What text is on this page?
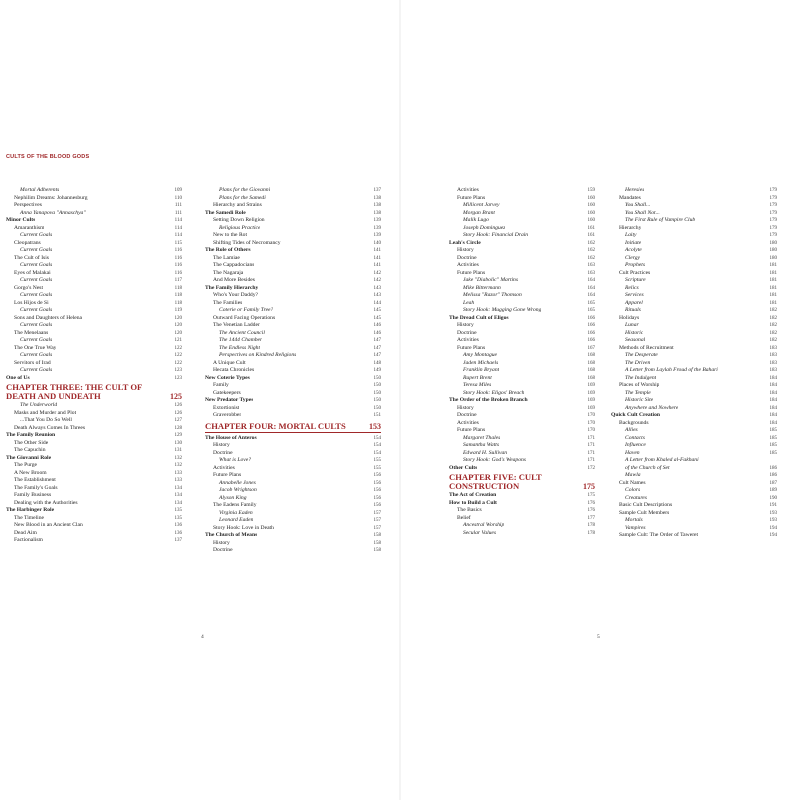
CULTS OF THE BLOOD GODS
Mortal Adherents	109
Nephilim Dreams: Johannesburg	110
Perspectives	111
Anna Yanapova "Annaschya"	111
Minor Cults	114
Amaranthism	114
Current Goals	114
Cleopatrans	115
Current Goals	116
The Cult of Isis	116
Current Goals	116
Eyes of Malakai	116
Current Goals	117
Gorgo's Nest	118
Current Goals	118
Los Hijos de Si	118
Current Goals	119
Sons and Daughters of Helena	120
Current Goals	120
The Menelaans	120
Current Goals	121
The One True Way	122
Current Goals	122
Servitors of Irad	122
Current Goals	123
One of Us	123
CHAPTER THREE: THE CULT OF DEATH AND UNDEATH	125
The Underworld	126
Masks and Murder and Plot	126
...That You Do So Well	127
Death Always Comes In Threes	128
The Family Reunion	129
The Other Side	130
The Capuchin	131
The Giovanni Role	132
The Purge	132
A New Broom	133
The Establishment	133
The Family's Goals	134
Family Business	134
Dealing with the Authorities	134
The Harbinger Role	135
The Timeline	135
New Blood in an Ancient Clan	136
Dead Aim	136
Factionalism	137
Plans for the Giovanni	137
Plans for the Samedi	138
Hierarchy and Strains	138
The Samedi Role	138
Setting Down Religion	139
Religious Practice	139
New to the Rot	139
Shifting Tides of Necromancy	140
The Role of Others	141
The Lamiae	141
The Cappadocians	141
The Nagaraja	142
And More Besides	142
The Family Hierarchy	143
Who's Your Daddy?	143
The Families	144
Coterie or Family Tree?	145
Outward Facing Operations	145
The Venetian Ladder	146
The Ancient Council	146
The 1444 Chamber	147
The Endless Night	147
Perspectives on Kindred Religions	147
A Unique Cult	148
Hecata Chronicles	149
New Coterie Types	150
Family	150
Gatekeepers	150
New Predator Types	150
Extortionist	150
Graverobber	151
CHAPTER FOUR: MORTAL CULTS	153
The House of Anteros	154
History	154
Doctrine	154
What is Love?	155
Activities	155
Future Plans	156
Annabelle Jones	156
Jacob Wrightson	156
Alyson King	156
The Eadens Family	156
Virginia Eaden	157
Leonard Eaden	157
Story Hook: Love in Death	157
The Church of Means	158
History	158
Doctrine	158
Activities	159
Future Plans	160
Millicent Jarvey	160
Morgan Brant	160
Malik Lugo	160
Joseph Dominguez	161
Story Hook: Financial Drain	161
Leah's Circle	162
History	162
Doctrine	162
Activities	163
Future Plans	163
Jake "Diabolic" Martins	164
Mike Bittermann	164
Melissa "Razor" Thomson	164
Leah	165
Story Hook: Mugging Gone Wrong	165
The Dread Cult of Eligos	166
History	166
Doctrine	166
Activities	166
Future Plans	167
Amy Montague	168
Jaden Michaels	168
Franklin Bryant	168
Rupert Brent	168
Teresa Miles	169
Story Hook: Eligos' Breach	169
The Order of the Broken Branch	169
History	169
Doctrine	170
Activities	170
Future Plans	170
Margaret Thales	171
Samantha Watts	171
Edward H. Sullivan	171
Story Hook: God's Weapons	171
Other Cults	172
CHAPTER FIVE: CULT CONSTRUCTION	175
The Act of Creation	175
How to Build a Cult	176
The Basics	176
Belief	177
Ancestral Worship	178
Secular Values	178
Heresies	179
Mandates	179
You Shall...	179
You Shall Not...	179
The First Rule of Vampire Club	179
Hierarchy	179
Laity	179
Initiate	180
Acolyte	180
Clergy	180
Prophets	181
Cult Practices	181
Scripture	181
Relics	181
Services	181
Apparel	181
Rituals	182
Holidays	182
Lunar	182
Historic	182
Seasonal	182
Methods of Recruitment	183
The Desperate	183
The Driven	183
A Letter from Laylah Froud of the Bahari	183
The Indulgent	184
Places of Worship	184
The Temple	184
Historic Site	184
Anywhere and Nowhere	184
Quick Cult Creation	184
Backgrounds	184
Allies	185
Contacts	185
Influence	185
Haven	185
A Letter from Khaled al-Fakhani
of the Church of Set	186
Mawla	186
Cult Names	187
Colors	189
Creatures	190
Basic Cult Descriptions	191
Sample Cult Members	193
Mortals	193
Vampires	194
Sample Cult: The Order of Taweret	194
4	5
